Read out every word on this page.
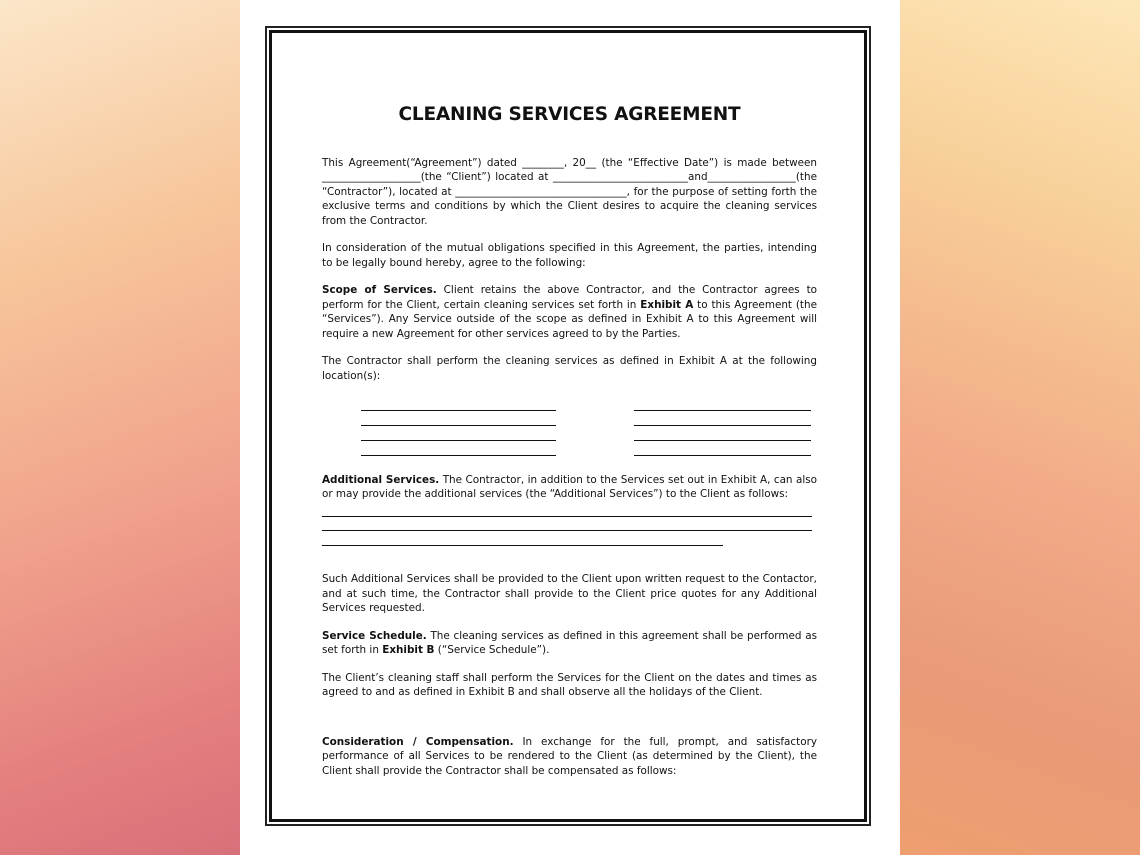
CLEANING SERVICES AGREEMENT

This Agreement(“Agreement”) dated ________, 20__ (the “Effective Date”) is made between ___________________(the “Client”) located at __________________________and_________________(the “Contractor”), located at _________________________________, for the purpose of setting forth the exclusive terms and conditions by which the Client desires to acquire the cleaning services from the Contractor.

In consideration of the mutual obligations specified in this Agreement, the parties, intending to be legally bound hereby, agree to the following:

Scope of Services. Client retains the above Contractor, and the Contractor agrees to perform for the Client, certain cleaning services set forth in Exhibit A to this Agreement (the “Services”). Any Service outside of the scope as defined in Exhibit A to this Agreement will require a new Agreement for other services agreed to by the Parties.

The Contractor shall perform the cleaning services as defined in Exhibit A at the following location(s):

Additional Services. The Contractor, in addition to the Services set out in Exhibit A, can also or may provide the additional services (the “Additional Services”) to the Client as follows:

Such Additional Services shall be provided to the Client upon written request to the Contactor, and at such time, the Contractor shall provide to the Client price quotes for any Additional Services requested.

Service Schedule. The cleaning services as defined in this agreement shall be performed as set forth in Exhibit B (“Service Schedule”).

The Client’s cleaning staff shall perform the Services for the Client on the dates and times as agreed to and as defined in Exhibit B and shall observe all the holidays of the Client.

Consideration / Compensation. In exchange for the full, prompt, and satisfactory performance of all Services to be rendered to the Client (as determined by the Client), the Client shall provide the Contractor shall be compensated as follows:
